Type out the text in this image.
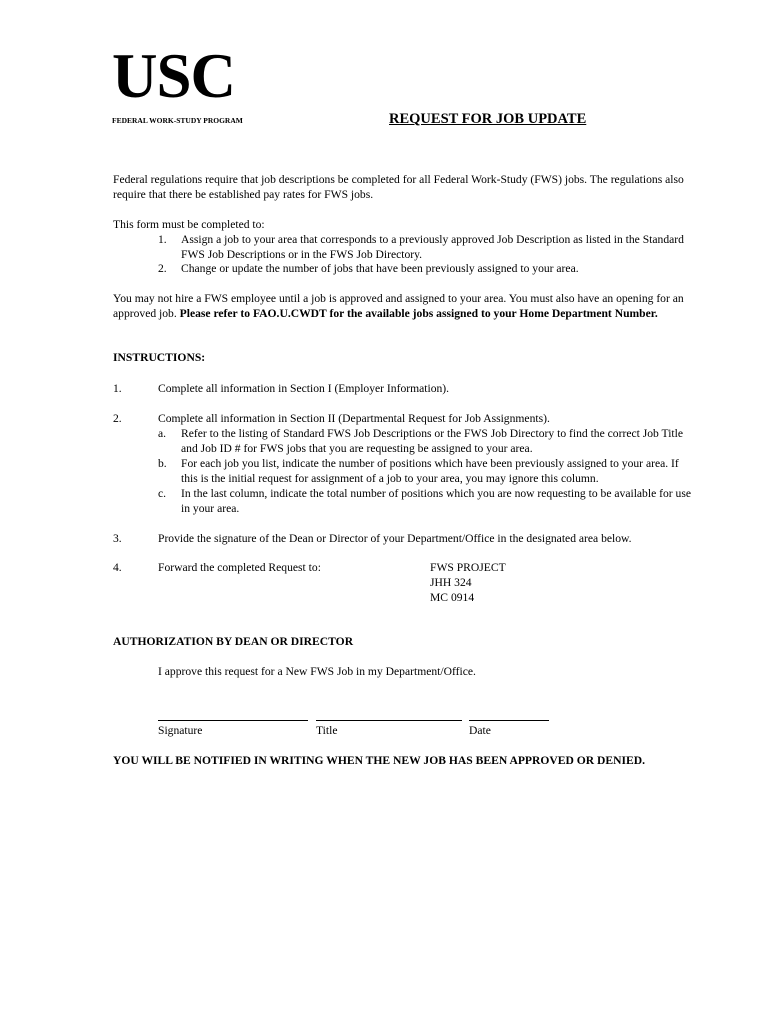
USC
FEDERAL WORK-STUDY PROGRAM	REQUEST FOR JOB UPDATE
Federal regulations require that job descriptions be completed for all Federal Work-Study (FWS) jobs. The regulations also
require that there be established pay rates for FWS jobs.
This form must be completed to:
1. Assign a job to your area that corresponds to a previously approved Job Description as listed in the Standard
FWS Job Descriptions or in the FWS Job Directory.
2. Change or update the number of jobs that have been previously assigned to your area.
You may not hire a FWS employee until a job is approved and assigned to your area. You must also have an opening for an
approved job. Please refer to FAO.U.CWDT for the available jobs assigned to your Home Department Number.
INSTRUCTIONS:
1.	Complete all information in Section I (Employer Information).
2.	Complete all information in Section II (Departmental Request for Job Assignments).
a. Refer to the listing of Standard FWS Job Descriptions or the FWS Job Directory to find the correct Job Title
and Job ID # for FWS jobs that you are requesting be assigned to your area.
b. For each job you list, indicate the number of positions which have been previously assigned to your area. If
this is the initial request for assignment of a job to your area, you may ignore this column.
c. In the last column, indicate the total number of positions which you are now requesting to be available for use
in your area.
3.	Provide the signature of the Dean or Director of your Department/Office in the designated area below.
4.	Forward the completed Request to:	FWS PROJECT
JHH 324
MC 0914
AUTHORIZATION BY DEAN OR DIRECTOR
I approve this request for a New FWS Job in my Department/Office.
Signature	Title	Date
YOU WILL BE NOTIFIED IN WRITING WHEN THE NEW JOB HAS BEEN APPROVED OR DENIED.
